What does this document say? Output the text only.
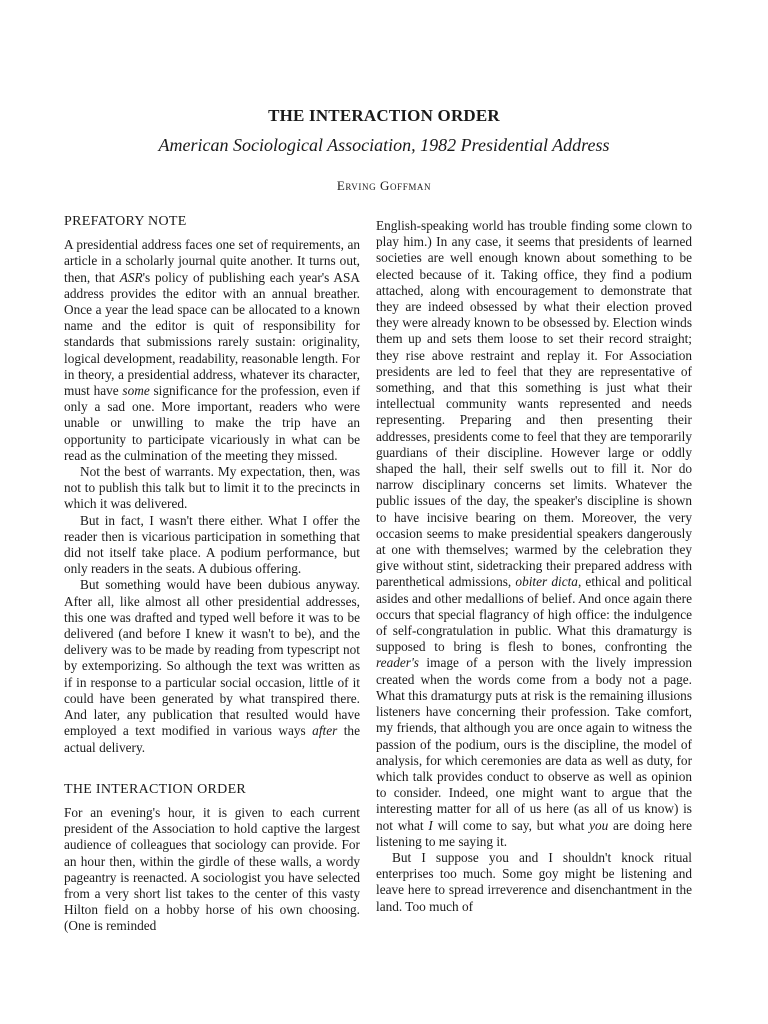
THE INTERACTION ORDER
American Sociological Association, 1982 Presidential Address
Erving Goffman
PREFATORY NOTE

A presidential address faces one set of requirements, an article in a scholarly journal quite another. It turns out, then, that ASR's policy of publishing each year's ASA address provides the editor with an annual breather. Once a year the lead space can be allocated to a known name and the editor is quit of responsibility for standards that submissions rarely sustain: originality, logical development, readability, reasonable length. For in theory, a presidential address, whatever its character, must have some significance for the profession, even if only a sad one. More important, readers who were unable or unwilling to make the trip have an opportunity to participate vicariously in what can be read as the culmination of the meeting they missed.

Not the best of warrants. My expectation, then, was not to publish this talk but to limit it to the precincts in which it was delivered.

But in fact, I wasn't there either. What I offer the reader then is vicarious participation in something that did not itself take place. A podium performance, but only readers in the seats. A dubious offering.

But something would have been dubious anyway. After all, like almost all other presidential addresses, this one was drafted and typed well before it was to be delivered (and before I knew it wasn't to be), and the delivery was to be made by reading from typescript not by extemporizing. So although the text was written as if in response to a particular social occasion, little of it could have been generated by what transpired there. And later, any publication that resulted would have employed a text modified in various ways after the actual delivery.

THE INTERACTION ORDER

For an evening's hour, it is given to each current president of the Association to hold captive the largest audience of colleagues that sociology can provide. For an hour then, within the girdle of these walls, a wordy pageantry is reenacted. A sociologist you have selected from a very short list takes to the center of this vasty Hilton field on a hobby horse of his own choosing. (One is reminded

English-speaking world has trouble finding some clown to play him.) In any case, it seems that presidents of learned societies are well enough known about something to be elected because of it. Taking office, they find a podium attached, along with encouragement to demonstrate that they are indeed obsessed by what their election proved they were already known to be obsessed by. Election winds them up and sets them loose to set their record straight; they rise above restraint and replay it. For Association presidents are led to feel that they are representative of something, and that this something is just what their intellectual community wants represented and needs representing. Preparing and then presenting their addresses, presidents come to feel that they are temporarily guardians of their discipline. However large or oddly shaped the hall, their self swells out to fill it. Nor do narrow disciplinary concerns set limits. Whatever the public issues of the day, the speaker's discipline is shown to have incisive bearing on them. Moreover, the very occasion seems to make presidential speakers dangerously at one with themselves; warmed by the celebration they give without stint, sidetracking their prepared address with parenthetical admissions, obiter dicta, ethical and political asides and other medallions of belief. And once again there occurs that special flagrancy of high office: the indulgence of self-congratulation in public. What this dramaturgy is supposed to bring is flesh to bones, confronting the reader's image of a person with the lively impression created when the words come from a body not a page. What this dramaturgy puts at risk is the remaining illusions listeners have concerning their profession. Take comfort, my friends, that although you are once again to witness the passion of the podium, ours is the discipline, the model of analysis, for which ceremonies are data as well as duty, for which talk provides conduct to observe as well as opinion to consider. Indeed, one might want to argue that the interesting matter for all of us here (as all of us know) is not what I will come to say, but what you are doing here listening to me saying it.

But I suppose you and I shouldn't knock ritual enterprises too much. Some goy might be listening and leave here to spread irreverence and disenchantment in the land. Too much of
